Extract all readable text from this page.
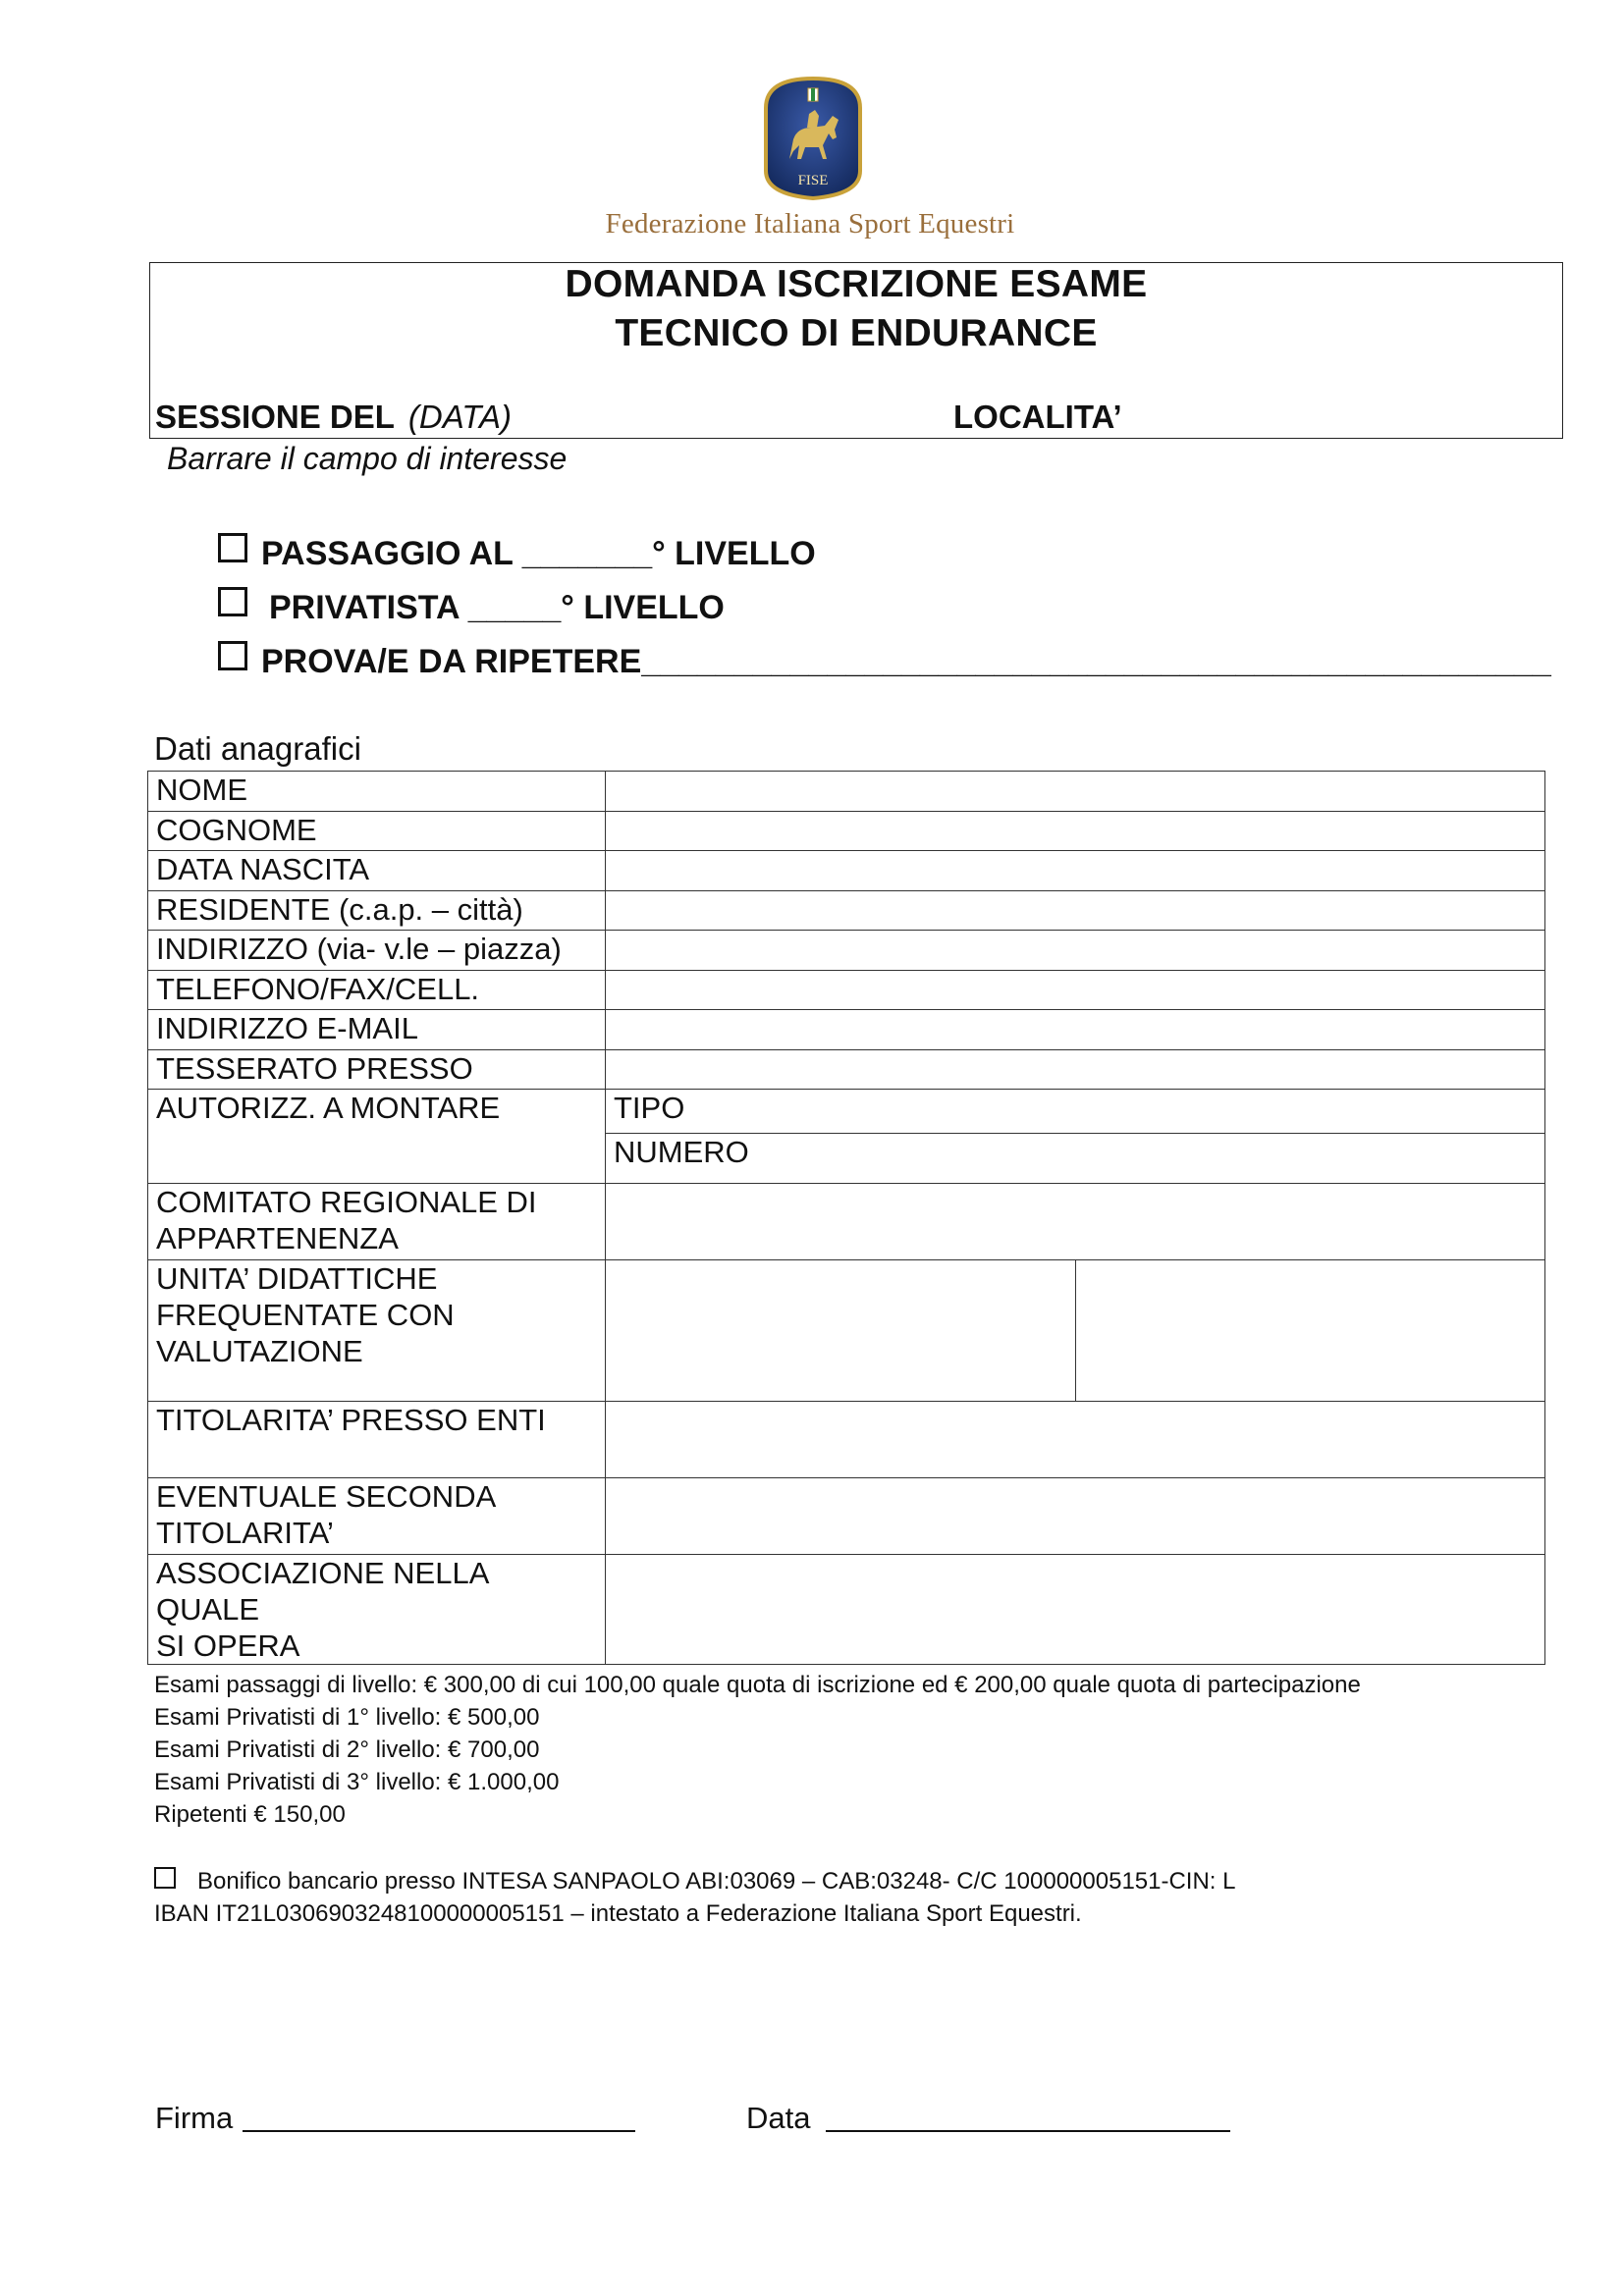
FISE
Federazione Italiana Sport Equestri
DOMANDA ISCRIZIONE ESAME
TECNICO DI ENDURANCE
SESSIONE DEL (DATA)	LOCALITA’
Barrare il campo di interesse
PASSAGGIO AL _______° LIVELLO
PRIVATISTA _____° LIVELLO
PROVA/E DA RIPETERE_________________________________________________
Dati anagrafici
NOME		
COGNOME		
DATA NASCITA		
RESIDENTE (c.a.p. – città)		
INDIRIZZO (via- v.le – piazza)		
TELEFONO/FAX/CELL.		
INDIRIZZO E-MAIL		
TESSERATO PRESSO		
AUTORIZZ. A MONTARE	TIPO	
	NUMERO	

COMITATO REGIONALE DI
APPARTENENZA		

UNITA’ DIDATTICHE
FREQUENTATE CON
VALUTAZIONE		

TITOLARITA’ PRESSO ENTI		

EVENTUALE SECONDA
TITOLARITA’		

ASSOCIAZIONE NELLA QUALE
SI OPERA		

Esami passaggi di livello: € 300,00 di cui 100,00 quale quota di iscrizione ed € 200,00 quale quota di partecipazione
Esami Privatisti di 1° livello: € 500,00
Esami Privatisti di 2° livello: € 700,00
Esami Privatisti di 3° livello: € 1.000,00
Ripetenti € 150,00
Bonifico bancario presso INTESA SANPAOLO ABI:03069 – CAB:03248- C/C 100000005151-CIN: L
IBAN IT21L0306903248100000005151 – intestato a Federazione Italiana Sport Equestri.
Firma	Data
